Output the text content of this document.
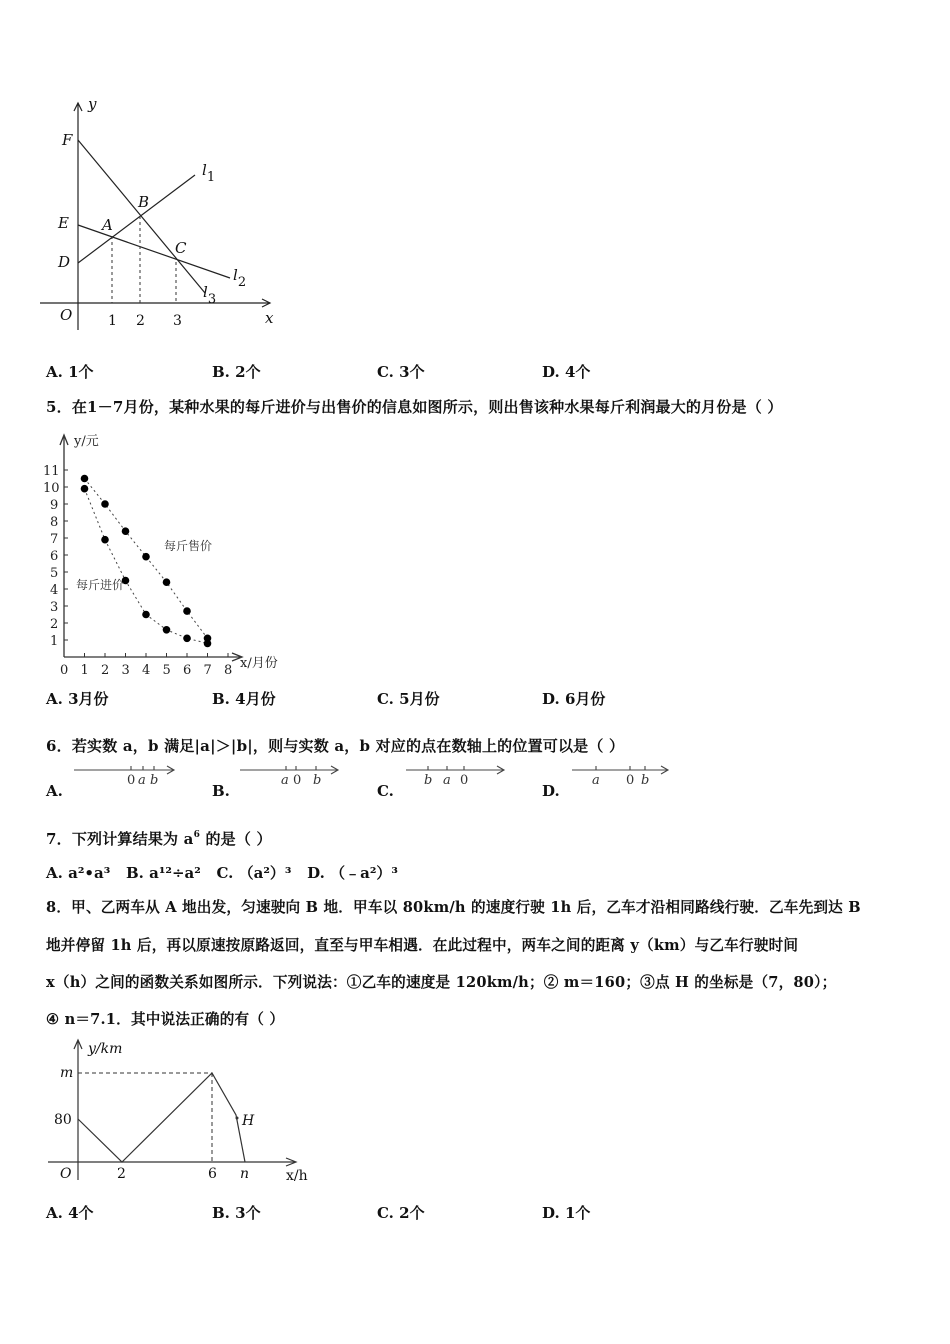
y
x
O
F
E
D
A
B
C
l1
l2
l3
1 2 3
A. 1个	B. 2个	C. 3个	D. 4个
5．在1－7月份，某种水果的每斤进价与出售价的信息如图所示，则出售该种水果每斤利润最大的月份是（ ）
0 1 2 3 4 5 6 7 8
1
2
3
4
5
6
7
8
9
10
11
y/元
x/月份
每斤售价
每斤进价
A. 3月份	B. 4月份	C. 5月份	D. 6月份
6．若实数 a，b 满足|a|＞|b|，则与实数 a，b 对应的点在数轴上的位置可以是（ ）
A.
0 a b
B.
a 0 b
C.
b a 0
D.
a 0 b
7．下列计算结果为 $a^6$ 的是（ ）
A. a²•a³ B. a¹²÷a² C. （a²）³ D. （﹣a²）³
8．甲、乙两车从 A 地出发，匀速驶向 B 地．甲车以 80km/h 的速度行驶 1h 后，乙车才沿相同路线行驶．乙车先到达 B
地并停留 1h 后，再以原速按原路返回，直至与甲车相遇．在此过程中，两车之间的距离 y（km）与乙车行驶时间
x（h）之间的函数关系如图所示．下列说法：①乙车的速度是 120km/h；② m＝160；③点 H 的坐标是（7，80）；
④ n＝7.1．其中说法正确的有（ ）
y/km
x/h
O
m
80
2	6 n
H
A. 4个	B. 3个	C. 2个	D. 1个
